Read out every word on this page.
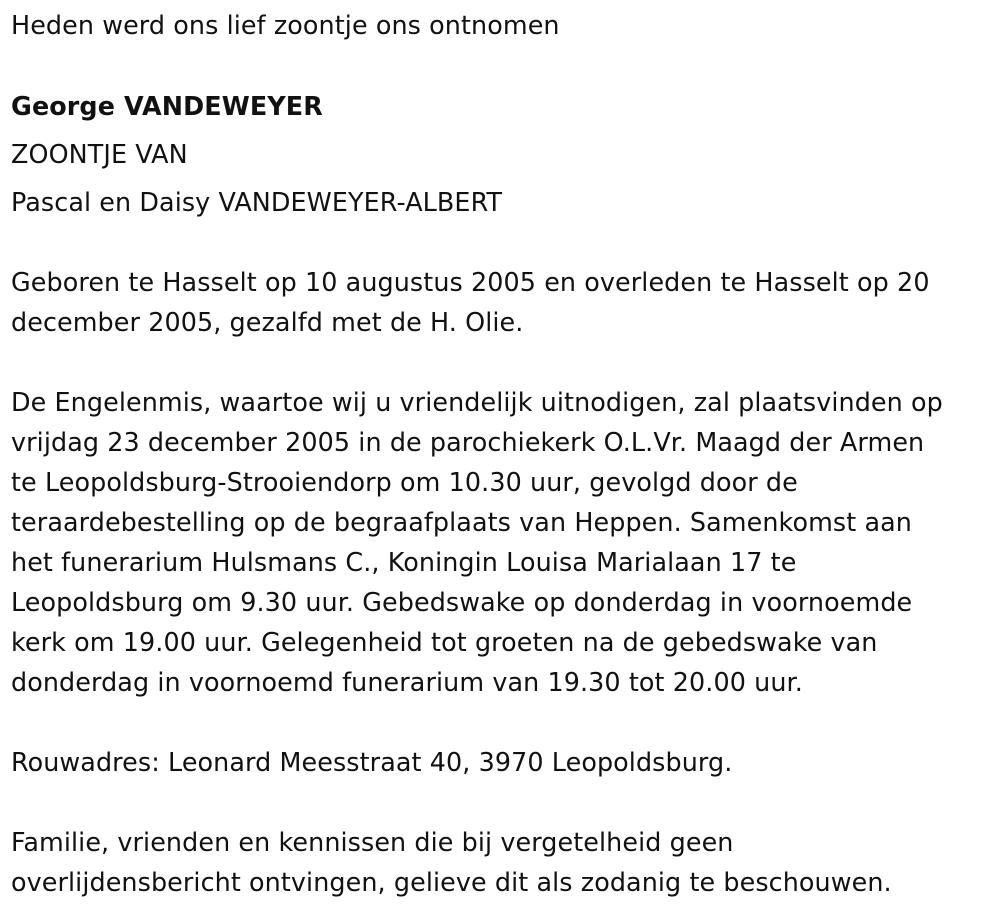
Heden werd ons lief zoontje ons ontnomen
George VANDEWEYER
ZOONTJE VAN
Pascal en Daisy VANDEWEYER-ALBERT
Geboren te Hasselt op 10 augustus 2005 en overleden te Hasselt op 20
december 2005, gezalfd met de H. Olie.
De Engelenmis, waartoe wij u vriendelijk uitnodigen, zal plaatsvinden op
vrijdag 23 december 2005 in de parochiekerk O.L.Vr. Maagd der Armen
te Leopoldsburg-Strooiendorp om 10.30 uur, gevolgd door de
teraardebestelling op de begraafplaats van Heppen. Samenkomst aan
het funerarium Hulsmans C., Koningin Louisa Marialaan 17 te
Leopoldsburg om 9.30 uur. Gebedswake op donderdag in voornoemde
kerk om 19.00 uur. Gelegenheid tot groeten na de gebedswake van
donderdag in voornoemd funerarium van 19.30 tot 20.00 uur.
Rouwadres: Leonard Meesstraat 40, 3970 Leopoldsburg.
Familie, vrienden en kennissen die bij vergetelheid geen
overlijdensbericht ontvingen, gelieve dit als zodanig te beschouwen.
